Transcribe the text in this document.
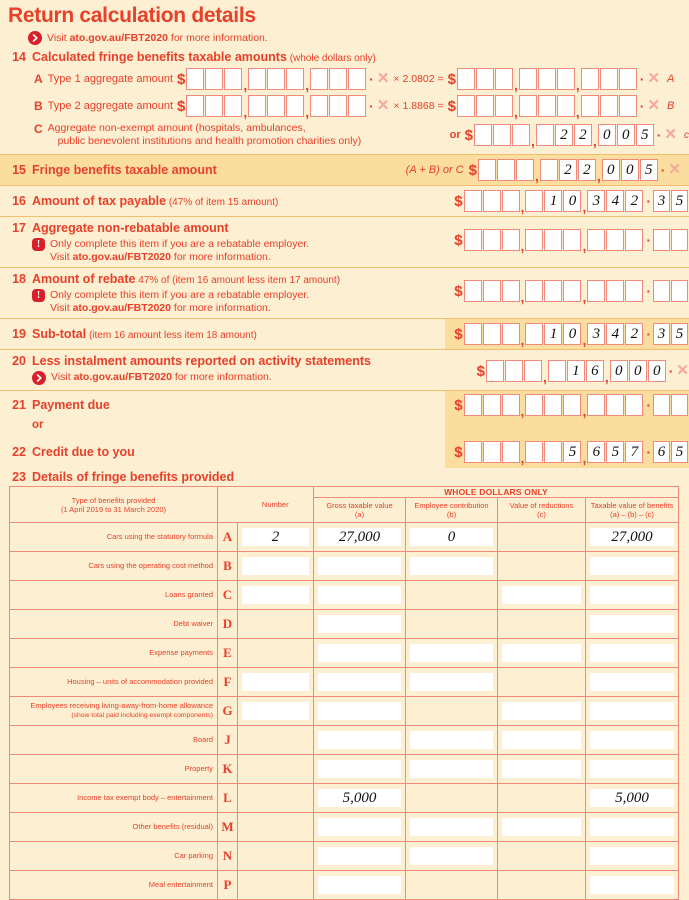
Return calculation details
Visit ato.gov.au/FBT2020 for more information.
14 Calculated fringe benefits taxable amounts (whole dollars only)
A Type 1 aggregate amount $	,	,	· ✕ × 2.0802 = $	,	,	· ✕ A
B Type 2 aggregate amount $	,	,	· ✕ × 1.8868 = $	,	,	· ✕ B
C Aggregate non-exempt amount (hospitals, ambulances,
public benevolent institutions and health promotion charities only)	or $	,	2 2 , 0 0 5 · ✕ c
15 Fringe benefits taxable amount	(A + B) or C $	,	2 2 , 0 0 5 · ✕
16 Amount of tax payable (47% of item 15 amount)	$	,	1 0 , 3 4 2 · 3 5
17 Aggregate non-rebatable amount
! Only complete this item if you are a rebatable employer.
Visit ato.gov.au/FBT2020 for more information.
$	,	,	·
18 Amount of rebate 47% of (item 16 amount less item 17 amount)
! Only complete this item if you are a rebatable employer.
Visit ato.gov.au/FBT2020 for more information.
$	,	,	·
19 Sub-total (item 16 amount less item 18 amount)	$	,	1 0 , 3 4 2 · 3 5
20 Less instalment amounts reported on activity statements
Visit ato.gov.au/FBT2020 for more information.	$	,	1 6 , 0 0 0 · ✕
21 Payment due	$	,	,	·
or
22 Credit due to you	$	,	5 , 6 5 7 · 6 5
23 Details of fringe benefits provided
Type of benefits provided
(1 April 2019 to 31 March 2020)		Number	WHOLE DOLLARS ONLY			

			Gross taxable value
(a)	Employee contribution
(b)	Value of reductions
(c)	Taxable value of benefits
(a) – (b) – (c)

Cars using the statutory formula	A	2	27,000	0		27,000

Cars using the operating cost method	B	

Loans granted	C	

Debt waiver	D		

Expense payments	E		

Housing – units of accommodation provided	F	

Employees receiving living-away-from-home allowance
(show total paid including exempt components)	G	

Board	J		

Property	K		

Income tax exempt body – entertainment	L		5,000			5,000

Other benefits (residual)	M		

Car parking	N		

Meal entertainment	P		
